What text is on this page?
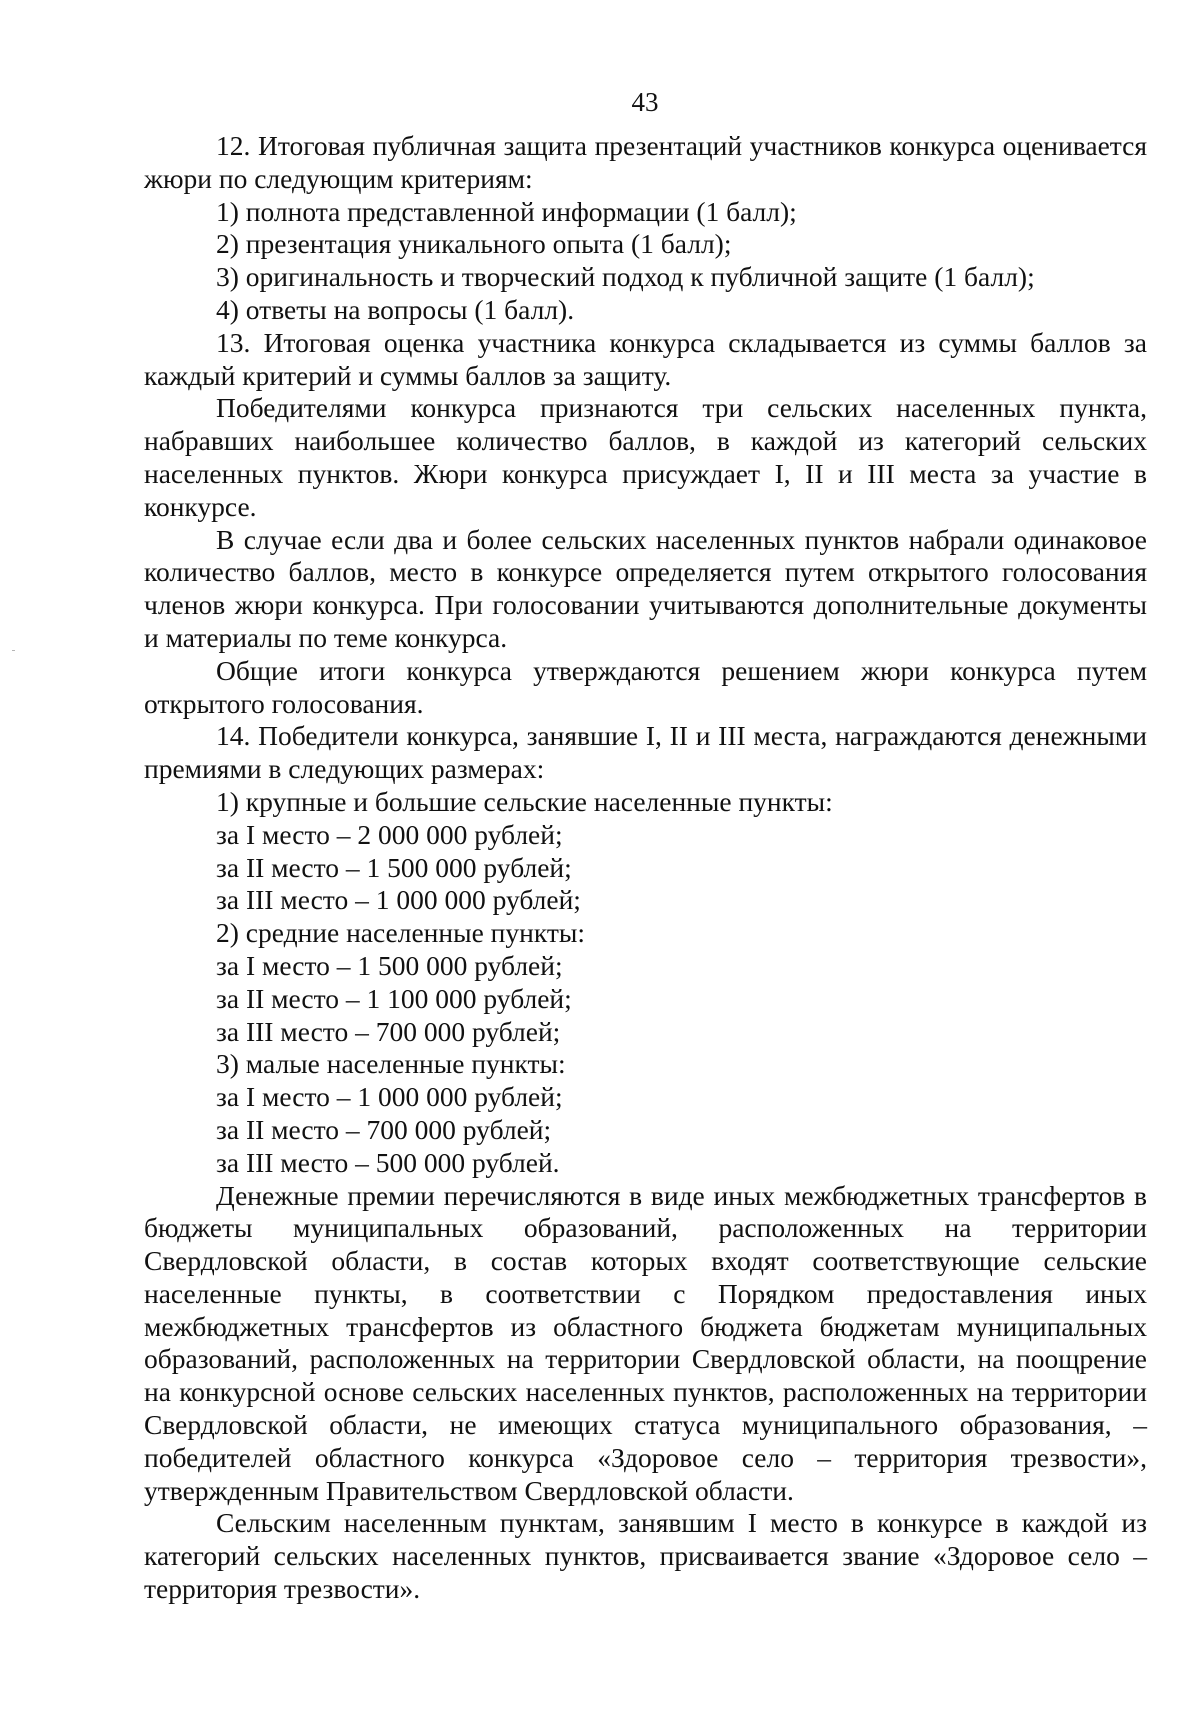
43

12. Итоговая публичная защита презентаций участников конкурса оценивается жюри по следующим критериям:

1) полнота представленной информации (1 балл);

2) презентация уникального опыта (1 балл);

3) оригинальность и творческий подход к публичной защите (1 балл);

4) ответы на вопросы (1 балл).

13. Итоговая оценка участника конкурса складывается из суммы баллов за каждый критерий и суммы баллов за защиту.

Победителями конкурса признаются три сельских населенных пункта, набравших наибольшее количество баллов, в каждой из категорий сельских населенных пунктов. Жюри конкурса присуждает I, II и III места за участие в конкурсе.

В случае если два и более сельских населенных пунктов набрали одинаковое количество баллов, место в конкурсе определяется путем открытого голосования членов жюри конкурса. При голосовании учитываются дополнительные документы и материалы по теме конкурса.

Общие итоги конкурса утверждаются решением жюри конкурса путем открытого голосования.

14. Победители конкурса, занявшие I, II и III места, награждаются денежными премиями в следующих размерах:

1) крупные и большие сельские населенные пункты:

за I место – 2 000 000 рублей;

за II место – 1 500 000 рублей;

за III место – 1 000 000 рублей;

2) средние населенные пункты:

за I место – 1 500 000 рублей;

за II место – 1 100 000 рублей;

за III место – 700 000 рублей;

3) малые населенные пункты:

за I место – 1 000 000 рублей;

за II место – 700 000 рублей;

за III место – 500 000 рублей.

Денежные премии перечисляются в виде иных межбюджетных трансфертов в бюджеты муниципальных образований, расположенных на территории Свердловской области, в состав которых входят соответствующие сельские населенные пункты, в соответствии с Порядком предоставления иных межбюджетных трансфертов из областного бюджета бюджетам муниципальных образований, расположенных на территории Свердловской области, на поощрение на конкурсной основе сельских населенных пунктов, расположенных на территории Свердловской области, не имеющих статуса муниципального образования, – победителей областного конкурса «Здоровое село – территория трезвости», утвержденным Правительством Свердловской области.

Сельским населенным пунктам, занявшим I место в конкурсе в каждой из категорий сельских населенных пунктов, присваивается звание «Здоровое село – территория трезвости».
